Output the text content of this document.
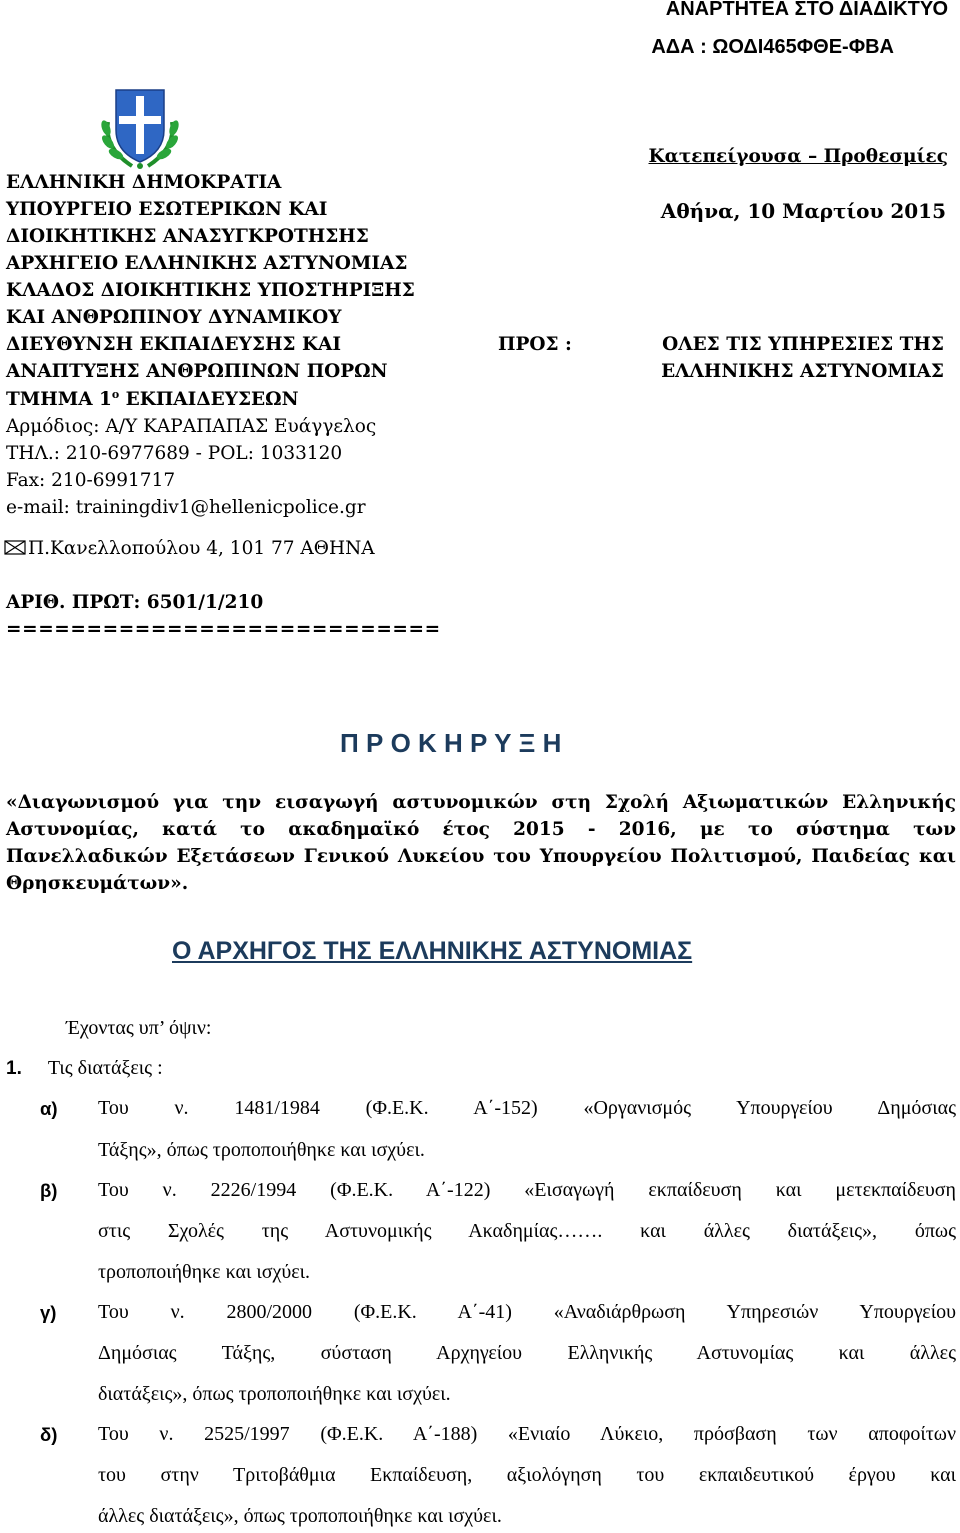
ΑΝΑΡΤΗΤΕΑ ΣΤΟ ΔΙΑΔΙΚΤΥΟ
ΑΔΑ : ΩΟΔΙ465ΦΘΕ-ΦΒΑ
ΕΛΛΗΝΙΚΗ ΔΗΜΟΚΡΑΤΙΑ
ΥΠΟΥΡΓΕΙΟ ΕΣΩΤΕΡΙΚΩΝ ΚΑΙ
ΔΙΟΙΚΗΤΙΚΗΣ ΑΝΑΣΥΓΚΡΟΤΗΣΗΣ
ΑΡΧΗΓΕΙΟ ΕΛΛΗΝΙΚΗΣ ΑΣΤΥΝΟΜΙΑΣ
ΚΛΑΔΟΣ ΔΙΟΙΚΗΤΙΚΗΣ ΥΠΟΣΤΗΡΙΞΗΣ
ΚΑΙ ΑΝΘΡΩΠΙΝΟΥ ΔΥΝΑΜΙΚΟΥ
ΔΙΕΥΘΥΝΣΗ ΕΚΠΑΙΔΕΥΣΗΣ ΚΑΙ
ΑΝΑΠΤΥΞΗΣ ΑΝΘΡΩΠΙΝΩΝ ΠΟΡΩΝ
ΤΜΗΜΑ $1^o$ ΕΚΠΑΙΔΕΥΣΕΩΝ
Αρμόδιος: Α/Υ ΚΑΡΑΠΑΠΑΣ Ευάγγελος
ΤΗΛ.: 210-6977689 - POL: 1033120
Fax: 210-6991717
e-mail: trainingdiv1@hellenicpolice.gr
Π.Κανελλοπούλου 4, 101 77 ΑΘΗΝΑ
Κατεπείγουσα – Προθεσμίες
Αθήνα, 10 Μαρτίου 2015
ΠΡΟΣ :	ΟΛΕΣ ΤΙΣ ΥΠΗΡΕΣΙΕΣ ΤΗΣ
ΕΛΛΗΝΙΚΗΣ ΑΣΤΥΝΟΜΙΑΣ
ΑΡΙΘ. ΠΡΩΤ: 6501/1/210
===========================
Π Ρ Ο Κ Η Ρ Υ Ξ Η
«Διαγωνισμού για την εισαγωγή αστυνομικών στη Σχολή Αξιωματικών Ελληνικής Αστυνομίας, κατά το ακαδημαϊκό έτος 2015 - 2016, με το σύστημα των Πανελλαδικών Εξετάσεων Γενικού Λυκείου του Υπουργείου Πολιτισμού, Παιδείας και Θρησκευμάτων».
Ο ΑΡΧΗΓΟΣ ΤΗΣ ΕΛΛΗΝΙΚΗΣ ΑΣΤΥΝΟΜΙΑΣ
Έχοντας υπ’ όψιν:
1. Τις διατάξεις :
α) Του ν. 1481/1984 (Φ.Ε.Κ. Α΄-152) «Οργανισμός Υπουργείου Δημόσιας
Τάξης», όπως τροποποιήθηκε και ισχύει.
β) Του ν. 2226/1994 (Φ.Ε.Κ. Α΄-122) «Εισαγωγή εκπαίδευση και μετεκπαίδευση
στις Σχολές της Αστυνομικής Ακαδημίας……. και άλλες διατάξεις», όπως
τροποποιήθηκε και ισχύει.
γ) Του ν. 2800/2000 (Φ.Ε.Κ. Α΄-41) «Αναδιάρθρωση Υπηρεσιών Υπουργείου
Δημόσιας Τάξης, σύσταση Αρχηγείου Ελληνικής Αστυνομίας και άλλες
διατάξεις», όπως τροποποιήθηκε και ισχύει.
δ) Του ν. 2525/1997 (Φ.Ε.Κ. Α΄-188) «Ενιαίο Λύκειο, πρόσβαση των αποφοίτων
του στην Τριτοβάθμια Εκπαίδευση, αξιολόγηση του εκπαιδευτικού έργου και
άλλες διατάξεις», όπως τροποποιήθηκε και ισχύει.
